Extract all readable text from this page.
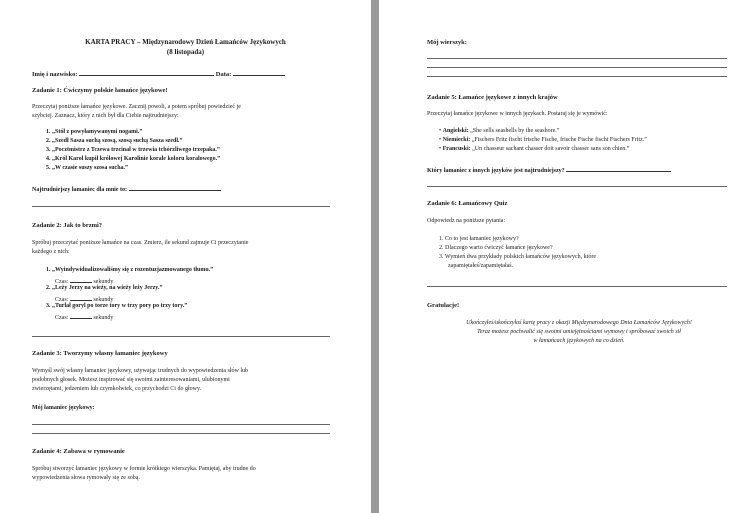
KARTA PRACY – Międzynarodowy Dzień Łamańców Językowych
(8 listopada)
Imię i nazwisko:	Data:
Zadanie 1: Ćwiczymy polskie łamańce językowe!
Przeczytaj poniższe łamańce językowe. Zacznij powoli, a potem spróbuj powiedzieć je
szybciej. Zaznacz, który z nich był dla Ciebie najtrudniejszy:
1. „Stół z powyłamywanymi nogami.”
2. „Szedł Sasza suchą szosą, szosą suchą Sasza szedł.”
3. „Pocztmistrz z Tczewa trzcinał w trzewia tchórzliwego trzepaka.”
4. „Król Karol kupił królowej Karolinie korale koloru koralowego.”
5. „W czasie suszy szosa sucha.”
Najtrudniejszy łamaniec dla mnie to:
Zadanie 2: Jak to brzmi?
Spróbuj przeczytać poniższe łamańce na czas. Zmierz, ile sekund zajmuje Ci przeczytanie
każdego z nich:
1. „Wyindywidualizowaliśmy się z rozentuzjazmowanego tłumu.”
Czas:	sekundy
2. „Leży Jerzy na wieży, na wieży leży Jerzy.”
Czas:	sekundy
3. „Turlał goryl po torze tory w trzy pory po trzy tory.”
Czas:	sekundy
Zadanie 3: Tworzymy własny łamaniec językowy
Wymyśl swój własny łamaniec językowy, używając trudnych do wypowiedzenia słów lub
podobnych głosek. Możesz inspirować się swoimi zainteresowaniami, ulubionymi
zwierzętami, jedzeniem lub czymkolwiek, co przychodzi Ci do głowy.
Mój łamaniec językowy:
Zadanie 4: Zabawa w rymowanie
Spróbuj stworzyć łamaniec językowy w formie krótkiego wierszyka. Pamiętaj, aby trudne do
wypowiedzenia słowa rymowały się ze sobą.
Mój wierszyk:
Zadanie 5: Łamańce językowe z innych krajów
Przeczytaj łamańce językowe w innych językach. Postaraj się je wymówić:
• Angielski: „She sells seashells by the seashore.”
• Niemiecki: „Fischers Fritz fischt frische Fische, frische Fische fischt Fischers Fritz.”
• Francuski: „Un chasseur sachant chasser doit savoir chasser sans son chien.”
Który łamaniec z innych języków jest najtrudniejszy?
Zadanie 6: Łamańcowy Quiz
Odpowiedz na poniższe pytania:
1. Co to jest łamaniec językowy?
2. Dlaczego warto ćwiczyć łamańce językowe?
3. Wymień dwa przykłady polskich łamańców językowych, które
zapamiętałeś/zapamiętałaś.
Gratulacje!
Ukończyłeś/ukończyłaś kartę pracy z okazji Międzynarodowego Dnia Łamańców Językowych!
Teraz możesz pochwalić się swoimi umiejętnościami wymowy i spróbować swoich sił
w łamańcach językowych na co dzień.
